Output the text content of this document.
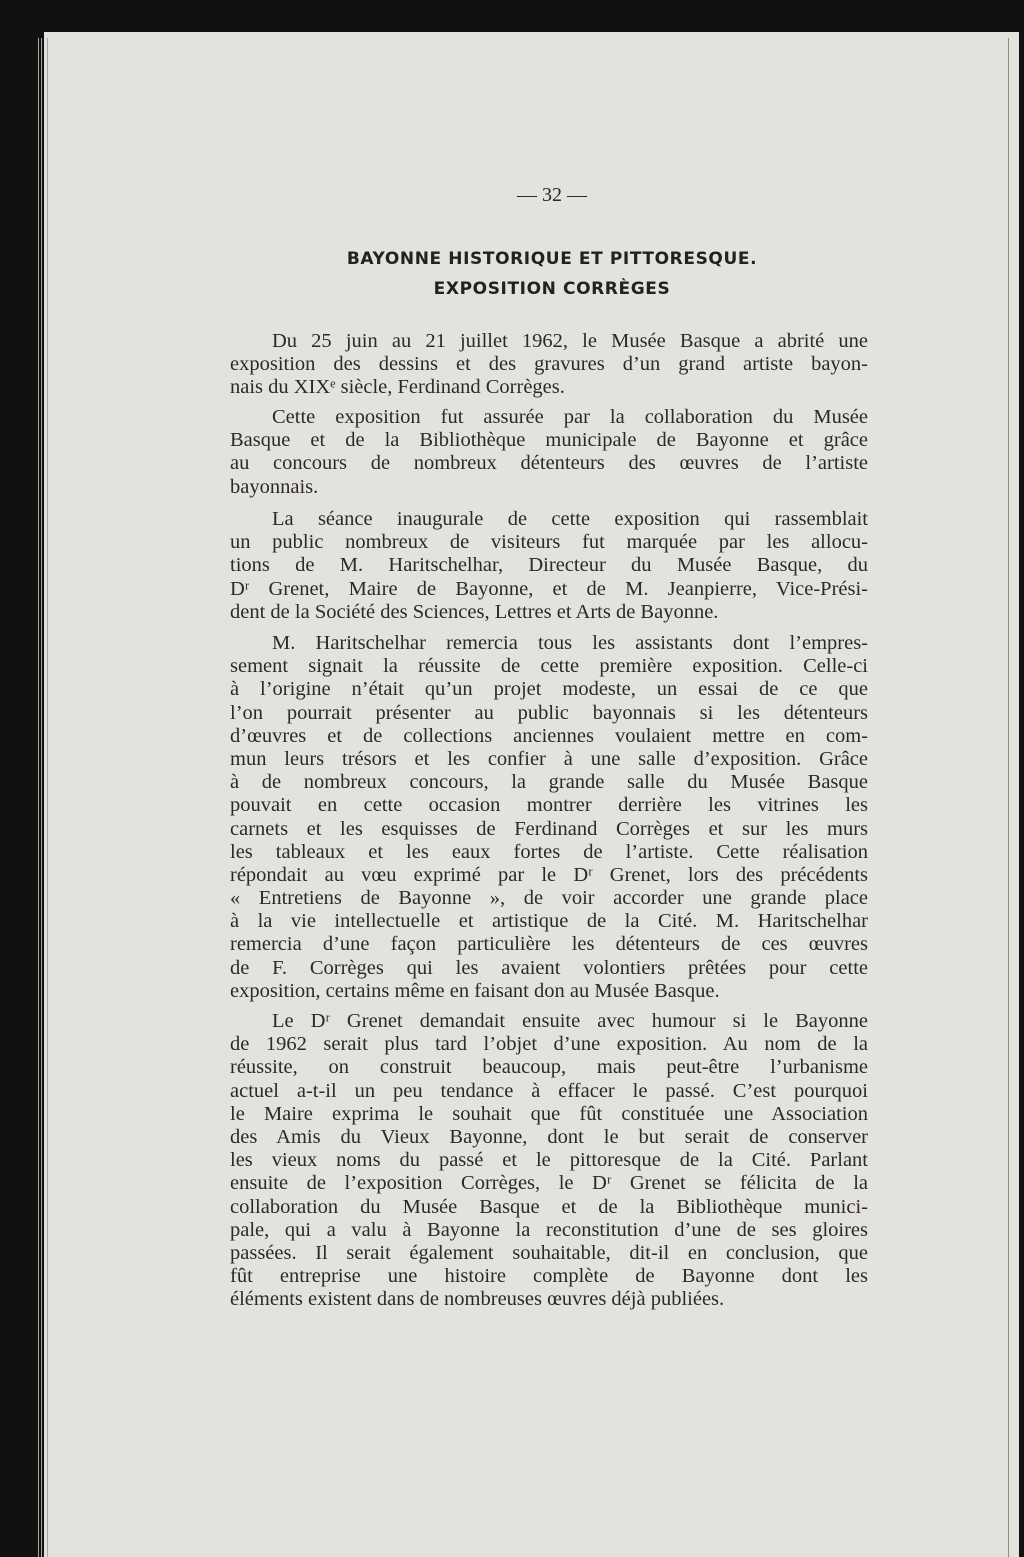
— 32 —
BAYONNE HISTORIQUE ET PITTORESQUE.
EXPOSITION CORRÈGES
Du 25 juin au 21 juillet 1962, le Musée Basque a abrité une
exposition des dessins et des gravures d’un grand artiste bayon-
nais du XIXᵉ siècle, Ferdinand Corrèges.
Cette exposition fut assurée par la collaboration du Musée
Basque et de la Bibliothèque municipale de Bayonne et grâce
au concours de nombreux détenteurs des œuvres de l’artiste
bayonnais.
La séance inaugurale de cette exposition qui rassemblait
un public nombreux de visiteurs fut marquée par les allocu-
tions de M. Haritschelhar, Directeur du Musée Basque, du
Dʳ Grenet, Maire de Bayonne, et de M. Jeanpierre, Vice-Prési-
dent de la Société des Sciences, Lettres et Arts de Bayonne.
M. Haritschelhar remercia tous les assistants dont l’empres-
sement signait la réussite de cette première exposition. Celle-ci
à l’origine n’était qu’un projet modeste, un essai de ce que
l’on pourrait présenter au public bayonnais si les détenteurs
d’œuvres et de collections anciennes voulaient mettre en com-
mun leurs trésors et les confier à une salle d’exposition. Grâce
à de nombreux concours, la grande salle du Musée Basque
pouvait en cette occasion montrer derrière les vitrines les
carnets et les esquisses de Ferdinand Corrèges et sur les murs
les tableaux et les eaux fortes de l’artiste. Cette réalisation
répondait au vœu exprimé par le Dʳ Grenet, lors des précédents
« Entretiens de Bayonne », de voir accorder une grande place
à la vie intellectuelle et artistique de la Cité. M. Haritschelhar
remercia d’une façon particulière les détenteurs de ces œuvres
de F. Corrèges qui les avaient volontiers prêtées pour cette
exposition, certains même en faisant don au Musée Basque.
Le Dʳ Grenet demandait ensuite avec humour si le Bayonne
de 1962 serait plus tard l’objet d’une exposition. Au nom de la
réussite, on construit beaucoup, mais peut-être l’urbanisme
actuel a-t-il un peu tendance à effacer le passé. C’est pourquoi
le Maire exprima le souhait que fût constituée une Association
des Amis du Vieux Bayonne, dont le but serait de conserver
les vieux noms du passé et le pittoresque de la Cité. Parlant
ensuite de l’exposition Corrèges, le Dʳ Grenet se félicita de la
collaboration du Musée Basque et de la Bibliothèque munici-
pale, qui a valu à Bayonne la reconstitution d’une de ses gloires
passées. Il serait également souhaitable, dit-il en conclusion, que
fût entreprise une histoire complète de Bayonne dont les
éléments existent dans de nombreuses œuvres déjà publiées.
